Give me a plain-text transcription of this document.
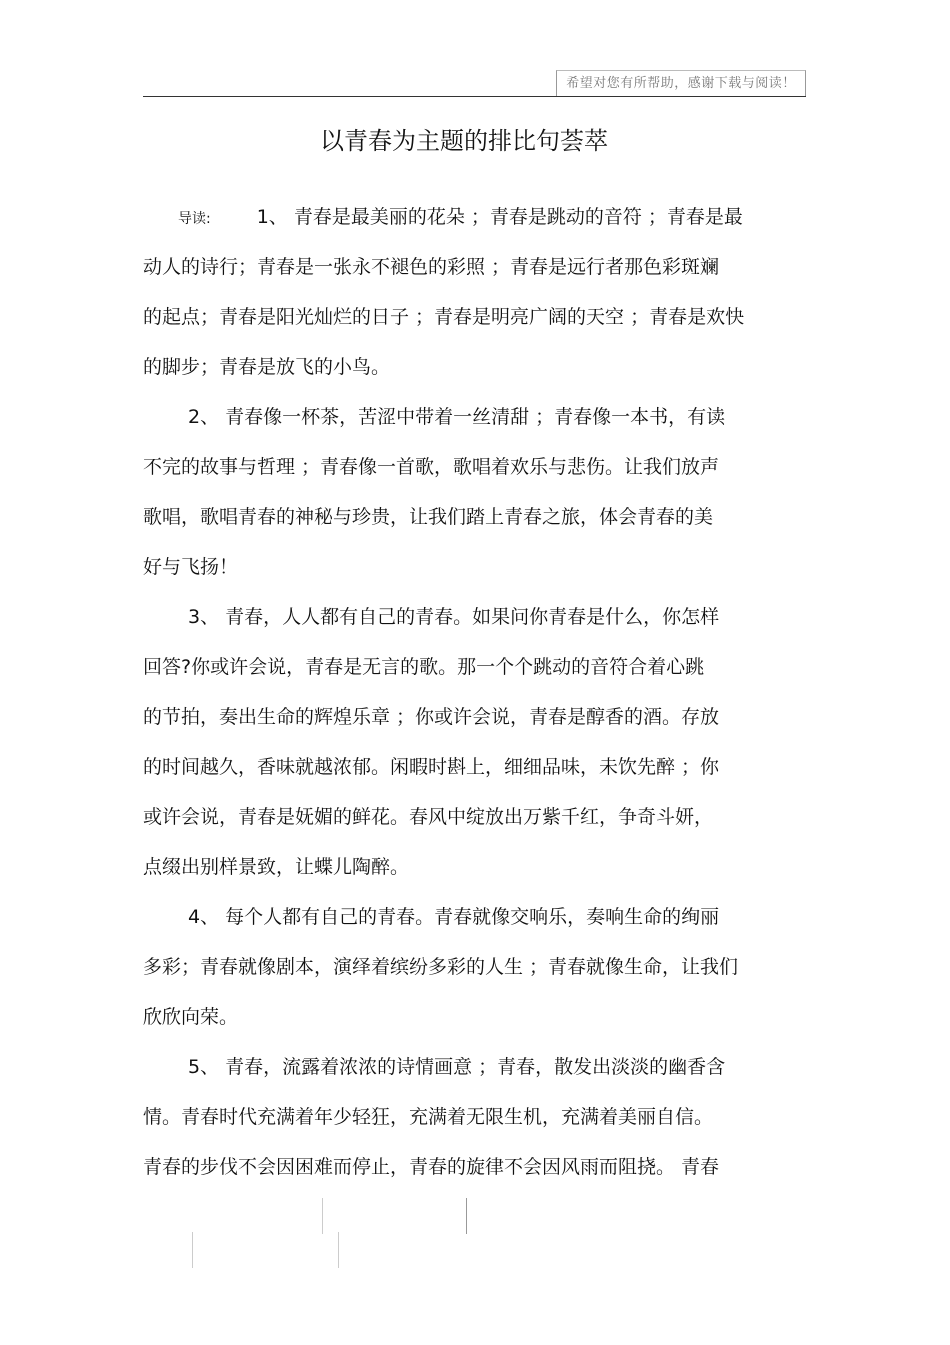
希望对您有所帮助，感谢下载与阅读！
以青春为主题的排比句荟萃
导读: 1、 青春是最美丽的花朵 ；青春是跳动的音符 ；青春是最
动人的诗行；青春是一张永不褪色的彩照 ；青春是远行者那色彩斑斓
的起点；青春是阳光灿烂的日子 ；青春是明亮广阔的天空 ；青春是欢快
的脚步；青春是放飞的小鸟。
2、 青春像一杯茶，苦涩中带着一丝清甜 ；青春像一本书，有读
不完的故事与哲理 ；青春像一首歌，歌唱着欢乐与悲伤。让我们放声
歌唱，歌唱青春的神秘与珍贵，让我们踏上青春之旅，体会青春的美
好与飞扬！
3、 青春，人人都有自己的青春。如果问你青春是什么，你怎样
回答?你或许会说，青春是无言的歌。那一个个跳动的音符合着心跳
的节拍，奏出生命的辉煌乐章 ；你或许会说，青春是醇香的酒。存放
的时间越久，香味就越浓郁。闲暇时斟上，细细品味，未饮先醉 ；你
或许会说，青春是妩媚的鲜花。春风中绽放出万紫千红，争奇斗妍，
点缀出别样景致，让蝶儿陶醉。
4、 每个人都有自己的青春。青春就像交响乐，奏响生命的绚丽
多彩；青春就像剧本，演绎着缤纷多彩的人生 ；青春就像生命，让我们
欣欣向荣。
5、 青春，流露着浓浓的诗情画意 ；青春，散发出淡淡的幽香含
情。青春时代充满着年少轻狂，充满着无限生机，充满着美丽自信。
青春的步伐不会因困难而停止，青春的旋律不会因风雨而阻挠。 青春
